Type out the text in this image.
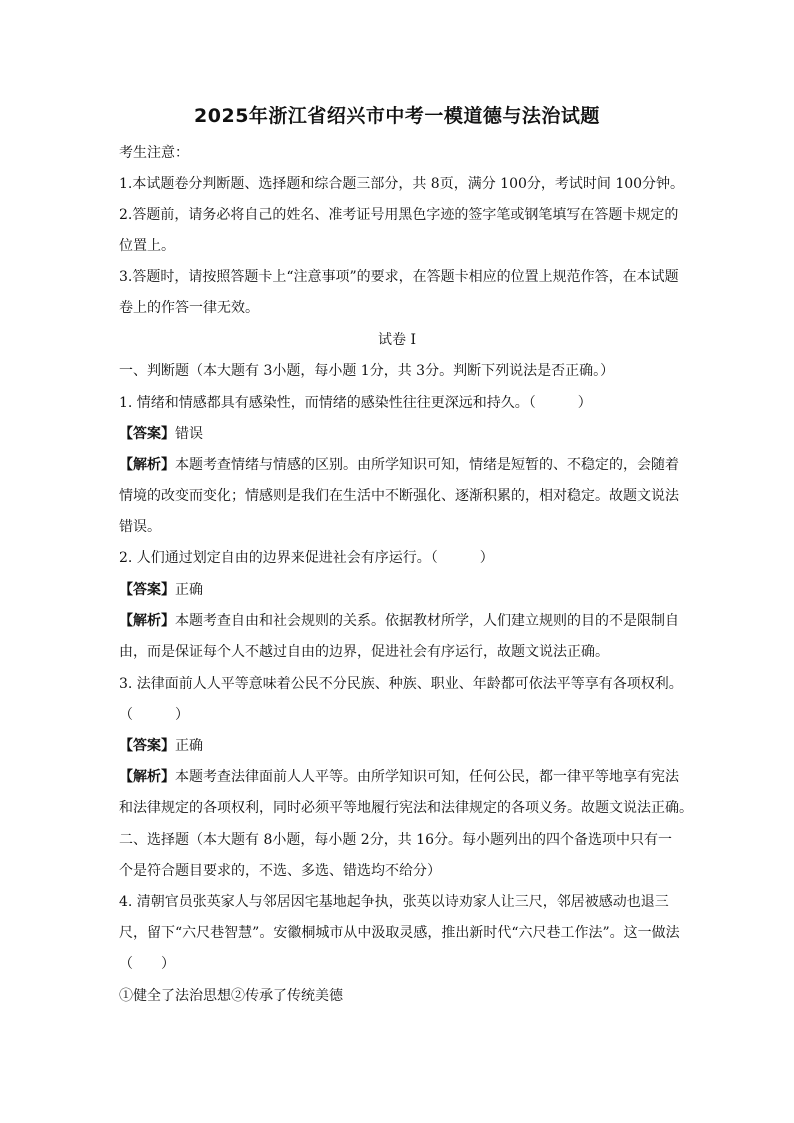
2025年浙江省绍兴市中考一模道德与法治试题
考生注意：
1.本试题卷分判断题、选择题和综合题三部分，共 8页，满分 100分，考试时间 100分钟。
2.答题前，请务必将自己的姓名、准考证号用黑色字迹的签字笔或钢笔填写在答题卡规定的
位置上。
3.答题时，请按照答题卡上“注意事项”的要求，在答题卡相应的位置上规范作答，在本试题
卷上的作答一律无效。
试卷 I
一、判断题（本大题有 3小题，每小题 1分，共 3分。判断下列说法是否正确。）
1. 情绪和情感都具有感染性，而情绪的感染性往往更深远和持久。（　　　）
【答案】错误
【解析】本题考查情绪与情感的区别。由所学知识可知，情绪是短暂的、不稳定的，会随着
情境的改变而变化；情感则是我们在生活中不断强化、逐渐积累的，相对稳定。故题文说法
错误。
2. 人们通过划定自由的边界来促进社会有序运行。（　　　）
【答案】正确
【解析】本题考查自由和社会规则的关系。依据教材所学，人们建立规则的目的不是限制自
由，而是保证每个人不越过自由的边界，促进社会有序运行，故题文说法正确。
3. 法律面前人人平等意味着公民不分民族、种族、职业、年龄都可依法平等享有各项权利。
（　　　）
【答案】正确
【解析】本题考查法律面前人人平等。由所学知识可知，任何公民，都一律平等地享有宪法
和法律规定的各项权利，同时必须平等地履行宪法和法律规定的各项义务。故题文说法正确。
二、选择题（本大题有 8小题，每小题 2分，共 16分。每小题列出的四个备选项中只有一
个是符合题目要求的，不选、多选、错选均不给分）
4. 清朝官员张英家人与邻居因宅基地起争执，张英以诗劝家人让三尺，邻居被感动也退三
尺，留下“六尺巷智慧”。安徽桐城市从中汲取灵感，推出新时代“六尺巷工作法”。这一做法
（　　）
①健全了法治思想②传承了传统美德
